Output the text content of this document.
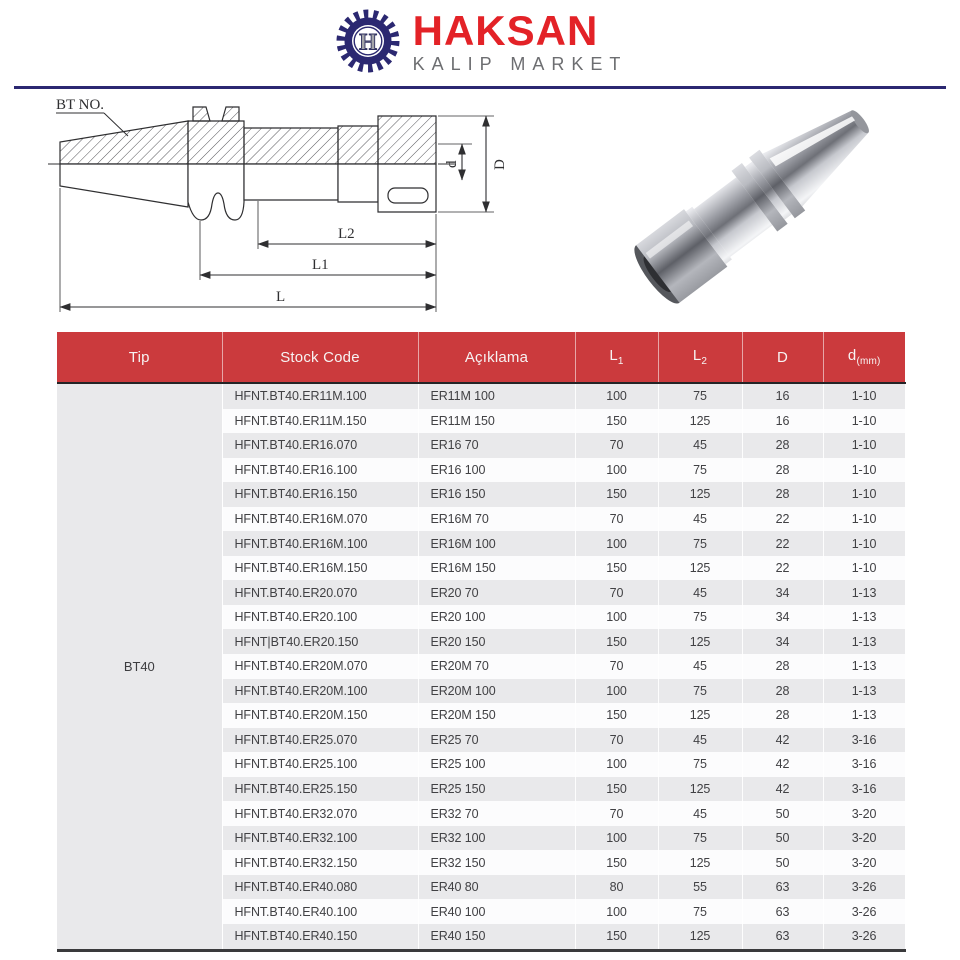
H HAKSAN
KALIP MARKET
BT NO.
L2
L1
L
d D
Tip	Stock Code	Açıklama	$L_1$	$L_2$	D	$d_{(mm)}$
BT40	HFNT.BT40.ER11M.100	ER11M 100	100	75	16	1-10
	HFNT.BT40.ER11M.150	ER11M 150	150	125	16	1-10
	HFNT.BT40.ER16.070	ER16 70	70	45	28	1-10
	HFNT.BT40.ER16.100	ER16 100	100	75	28	1-10
	HFNT.BT40.ER16.150	ER16 150	150	125	28	1-10
	HFNT.BT40.ER16M.070	ER16M 70	70	45	22	1-10
	HFNT.BT40.ER16M.100	ER16M 100	100	75	22	1-10
	HFNT.BT40.ER16M.150	ER16M 150	150	125	22	1-10
	HFNT.BT40.ER20.070	ER20 70	70	45	34	1-13
	HFNT.BT40.ER20.100	ER20 100	100	75	34	1-13
	HFNT|BT40.ER20.150	ER20 150	150	125	34	1-13
	HFNT.BT40.ER20M.070	ER20M 70	70	45	28	1-13
	HFNT.BT40.ER20M.100	ER20M 100	100	75	28	1-13
	HFNT.BT40.ER20M.150	ER20M 150	150	125	28	1-13
	HFNT.BT40.ER25.070	ER25 70	70	45	42	3-16
	HFNT.BT40.ER25.100	ER25 100	100	75	42	3-16
	HFNT.BT40.ER25.150	ER25 150	150	125	42	3-16
	HFNT.BT40.ER32.070	ER32 70	70	45	50	3-20
	HFNT.BT40.ER32.100	ER32 100	100	75	50	3-20
	HFNT.BT40.ER32.150	ER32 150	150	125	50	3-20
	HFNT.BT40.ER40.080	ER40 80	80	55	63	3-26
	HFNT.BT40.ER40.100	ER40 100	100	75	63	3-26
	HFNT.BT40.ER40.150	ER40 150	150	125	63	3-26
